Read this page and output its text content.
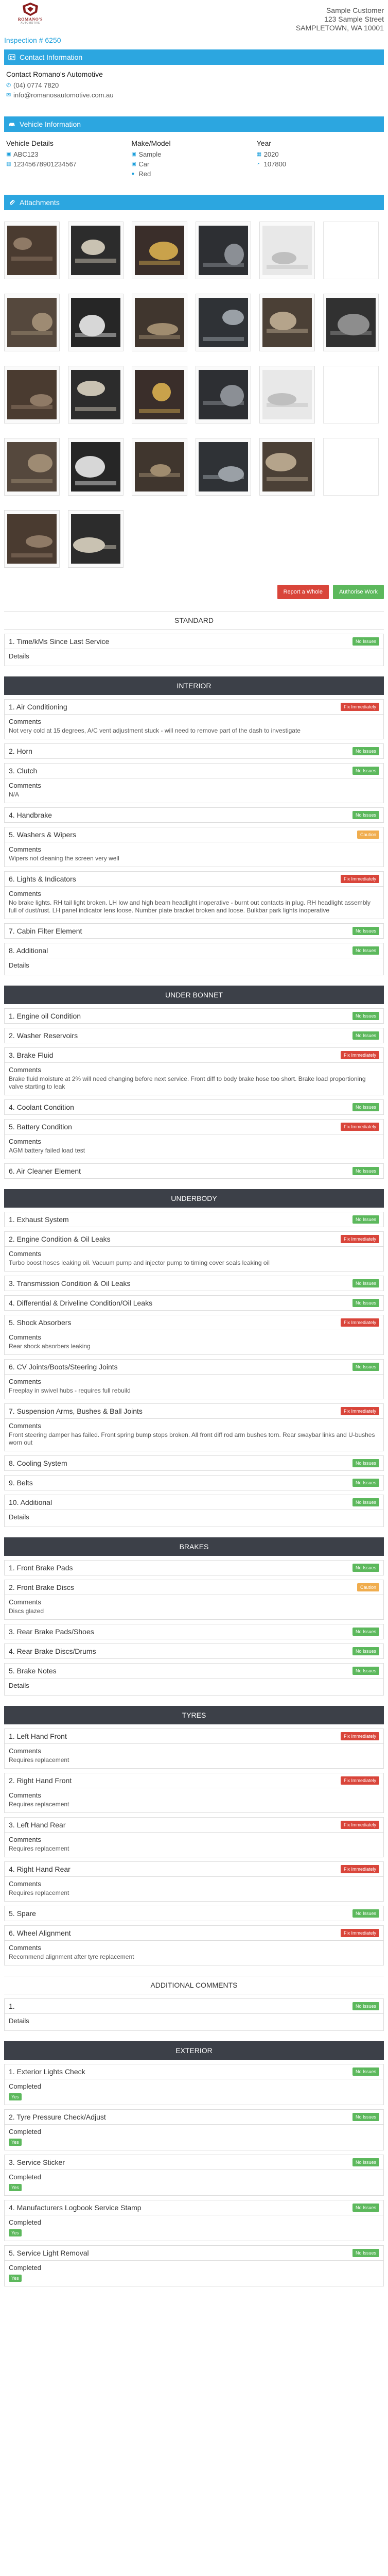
ROMANO'S
AUTOMOTIVE
Inspection # 6250
Sample Customer
123 Sample Street
SAMPLETOWN, WA 10001
Contact Information
Contact Romano's Automotive
✆ (04) 0774 7820
✉ info@romanosautomotive.com.au
Vehicle Information
Vehicle Details
▣ ABC123
▥ 12345678901234567
Make/Model
▣ Sample
▣ Car
● Red
Year
▦ 2020
◔ 107800
Attachments
Report a Whole	Authorise Work
STANDARD
1. Time/kMs Since Last Service	No Issues
Details
INTERIOR
1. Air Conditioning	Fix Immediately
Comments
Not very cold at 15 degrees, A/C vent adjustment stuck - will need to remove part of the dash to investigate
2. Horn	No Issues
3. Clutch	No Issues
Comments
N/A
4. Handbrake	No Issues
5. Washers & Wipers	Caution
Comments
Wipers not cleaning the screen very well
6. Lights & Indicators	Fix Immediately
Comments
No brake lights. RH tail light broken. LH low and high beam headlight inoperative - burnt out contacts in plug. RH headlight assembly full of dust/rust. LH panel indicator lens loose. Number plate bracket broken and loose. Bulkbar park lights inoperative
7. Cabin Filter Element	No Issues
8. Additional	No Issues
Details
UNDER BONNET
1. Engine oil Condition	No Issues
2. Washer Reservoirs	No Issues
3. Brake Fluid	Fix Immediately
Comments
Brake fluid moisture at 2% will need changing before next service. Front diff to body brake hose too short. Brake load proportioning valve starting to leak
4. Coolant Condition	No Issues
5. Battery Condition	Fix Immediately
Comments
AGM battery failed load test
6. Air Cleaner Element	No Issues
UNDERBODY
1. Exhaust System	No Issues
2. Engine Condition & Oil Leaks	Fix Immediately
Comments
Turbo boost hoses leaking oil. Vacuum pump and injector pump to timing cover seals leaking oil
3. Transmission Condition & Oil Leaks	No Issues
4. Differential & Driveline Condition/Oil Leaks	No Issues
5. Shock Absorbers	Fix Immediately
Comments
Rear shock absorbers leaking
6. CV Joints/Boots/Steering Joints	No Issues
Comments
Freeplay in swivel hubs - requires full rebuild
7. Suspension Arms, Bushes & Ball Joints	Fix Immediately
Comments
Front steering damper has failed. Front spring bump stops broken. All front diff rod arm bushes torn. Rear swaybar links and U-bushes worn out
8. Cooling System	No Issues
9. Belts	No Issues
10. Additional	No Issues
Details
BRAKES
1. Front Brake Pads	No Issues
2. Front Brake Discs	Caution
Comments
Discs glazed
3. Rear Brake Pads/Shoes	No Issues
4. Rear Brake Discs/Drums	No Issues
5. Brake Notes	No Issues
Details
TYRES
1. Left Hand Front	Fix Immediately
Comments
Requires replacement
2. Right Hand Front	Fix Immediately
Comments
Requires replacement
3. Left Hand Rear	Fix Immediately
Comments
Requires replacement
4. Right Hand Rear	Fix Immediately
Comments
Requires replacement
5. Spare	No Issues
6. Wheel Alignment	Fix Immediately
Comments
Recommend alignment after tyre replacement
ADDITIONAL COMMENTS
1.	No Issues
Details
EXTERIOR
1. Exterior Lights Check	No Issues
Completed
Yes
2. Tyre Pressure Check/Adjust	No Issues
Completed
Yes
3. Service Sticker	No Issues
Completed
Yes
4. Manufacturers Logbook Service Stamp	No Issues
Completed
Yes
5. Service Light Removal	No Issues
Completed
Yes
